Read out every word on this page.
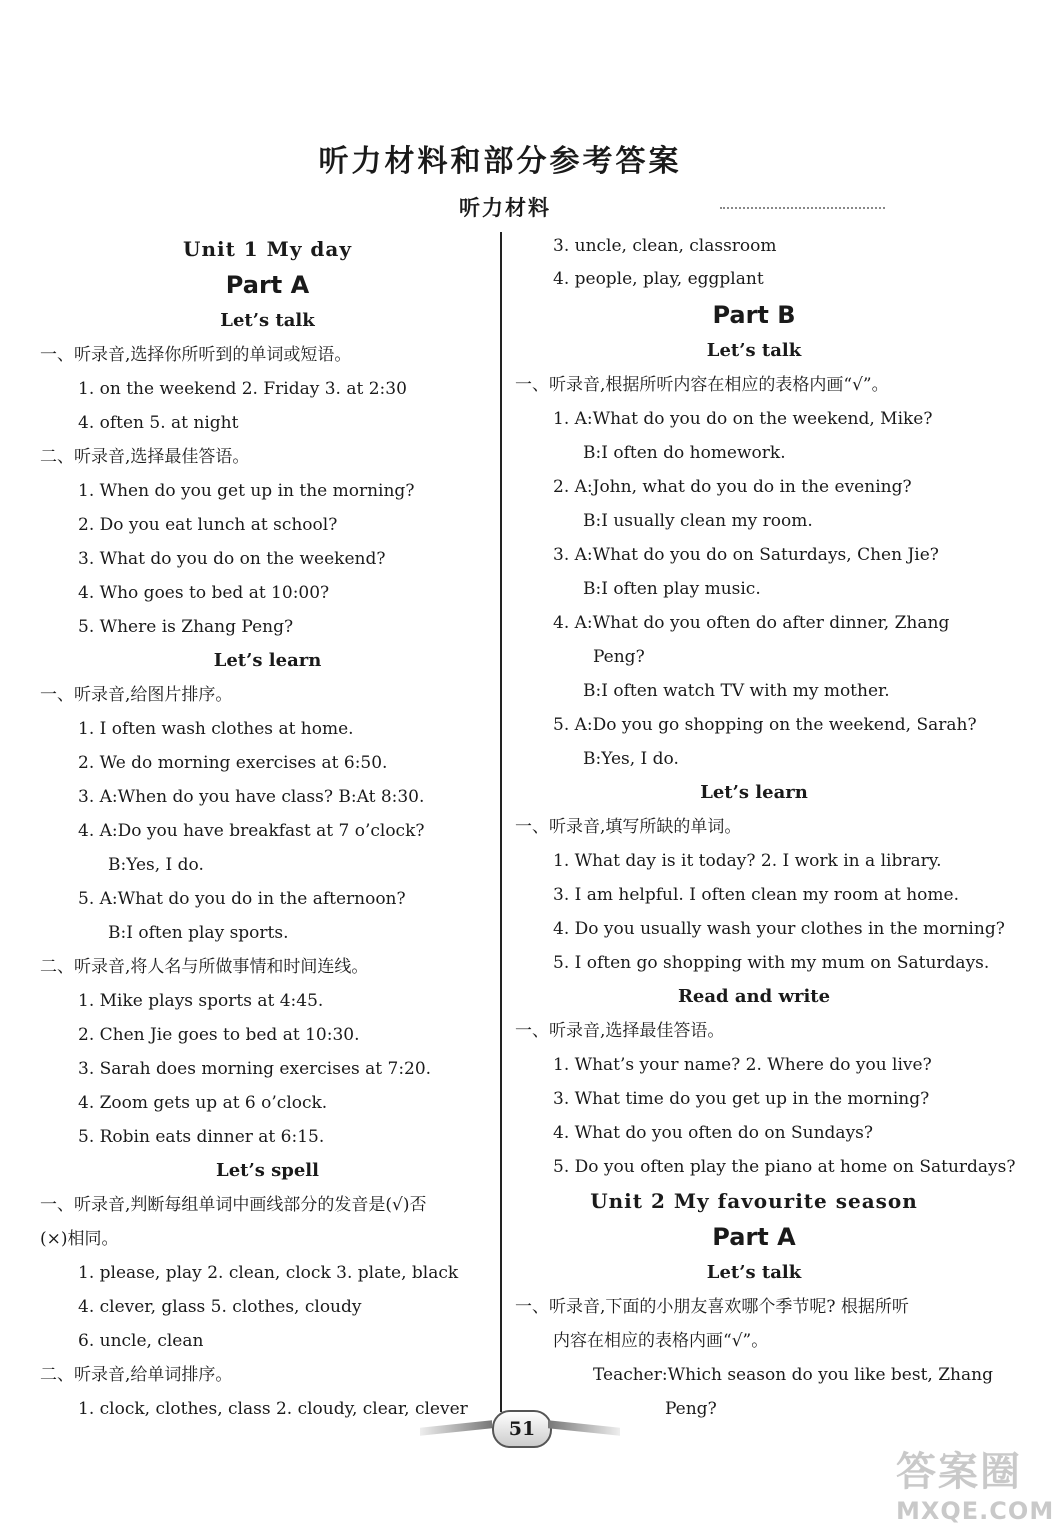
听力材料和部分参考答案
听力材料
Unit 1 My day
Part A
Let’s talk
一、听录音,选择你所听到的单词或短语。
1. on the weekend 2. Friday 3. at 2:30
4. often 5. at night
二、听录音,选择最佳答语。
1. When do you get up in the morning?
2. Do you eat lunch at school?
3. What do you do on the weekend?
4. Who goes to bed at 10:00?
5. Where is Zhang Peng?
Let’s learn
一、听录音,给图片排序。
1. I often wash clothes at home.
2. We do morning exercises at 6:50.
3. A:When do you have class? B:At 8:30.
4. A:Do you have breakfast at 7 o’clock?
B:Yes, I do.
5. A:What do you do in the afternoon?
B:I often play sports.
二、听录音,将人名与所做事情和时间连线。
1. Mike plays sports at 4:45.
2. Chen Jie goes to bed at 10:30.
3. Sarah does morning exercises at 7:20.
4. Zoom gets up at 6 o’clock.
5. Robin eats dinner at 6:15.
Let’s spell
一、听录音,判断每组单词中画线部分的发音是(√)否
(×)相同。
1. please, play 2. clean, clock 3. plate, black
4. clever, glass 5. clothes, cloudy
6. uncle, clean
二、听录音,给单词排序。
1. clock, clothes, class 2. cloudy, clear, clever
3. uncle, clean, classroom
4. people, play, eggplant
Part B
Let’s talk
一、听录音,根据所听内容在相应的表格内画“√”。
1. A:What do you do on the weekend, Mike?
B:I often do homework.
2. A:John, what do you do in the evening?
B:I usually clean my room.
3. A:What do you do on Saturdays, Chen Jie?
B:I often play music.
4. A:What do you often do after dinner, Zhang
Peng?
B:I often watch TV with my mother.
5. A:Do you go shopping on the weekend, Sarah?
B:Yes, I do.
Let’s learn
一、听录音,填写所缺的单词。
1. What day is it today? 2. I work in a library.
3. I am helpful. I often clean my room at home.
4. Do you usually wash your clothes in the morning?
5. I often go shopping with my mum on Saturdays.
Read and write
一、听录音,选择最佳答语。
1. What’s your name? 2. Where do you live?
3. What time do you get up in the morning?
4. What do you often do on Sundays?
5. Do you often play the piano at home on Saturdays?
Unit 2 My favourite season
Part A
Let’s talk
一、听录音,下面的小朋友喜欢哪个季节呢? 根据所听
内容在相应的表格内画“√”。
Teacher:Which season do you like best, Zhang
Peng?
51
答案圈
MXQE.COM
